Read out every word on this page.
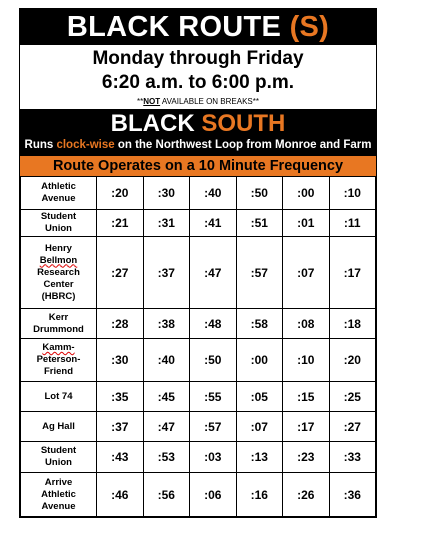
BLACK ROUTE (S)
Monday through Friday
6:20 a.m. to 6:00 p.m.
**NOT AVAILABLE ON BREAKS**
BLACK SOUTH
Runs clock-wise on the Northwest Loop from Monroe and Farm
Route Operates on a 10 Minute Frequency
Athletic
Avenue	:20	:30	:40	:50	:00	:10

Student
Union	:21	:31	:41	:51	:01	:11

Henry
Bellmon
Research
Center
(HBRC)	:27	:37	:47	:57	:07	:17

Kerr
Drummond	:28	:38	:48	:58	:08	:18

Kamm-
Peterson-
Friend	:30	:40	:50	:00	:10	:20

Lot 74	:35	:45	:55	:05	:15	:25

Ag Hall	:37	:47	:57	:07	:17	:27

Student
Union	:43	:53	:03	:13	:23	:33

Arrive
Athletic
Avenue	:46	:56	:06	:16	:26	:36
